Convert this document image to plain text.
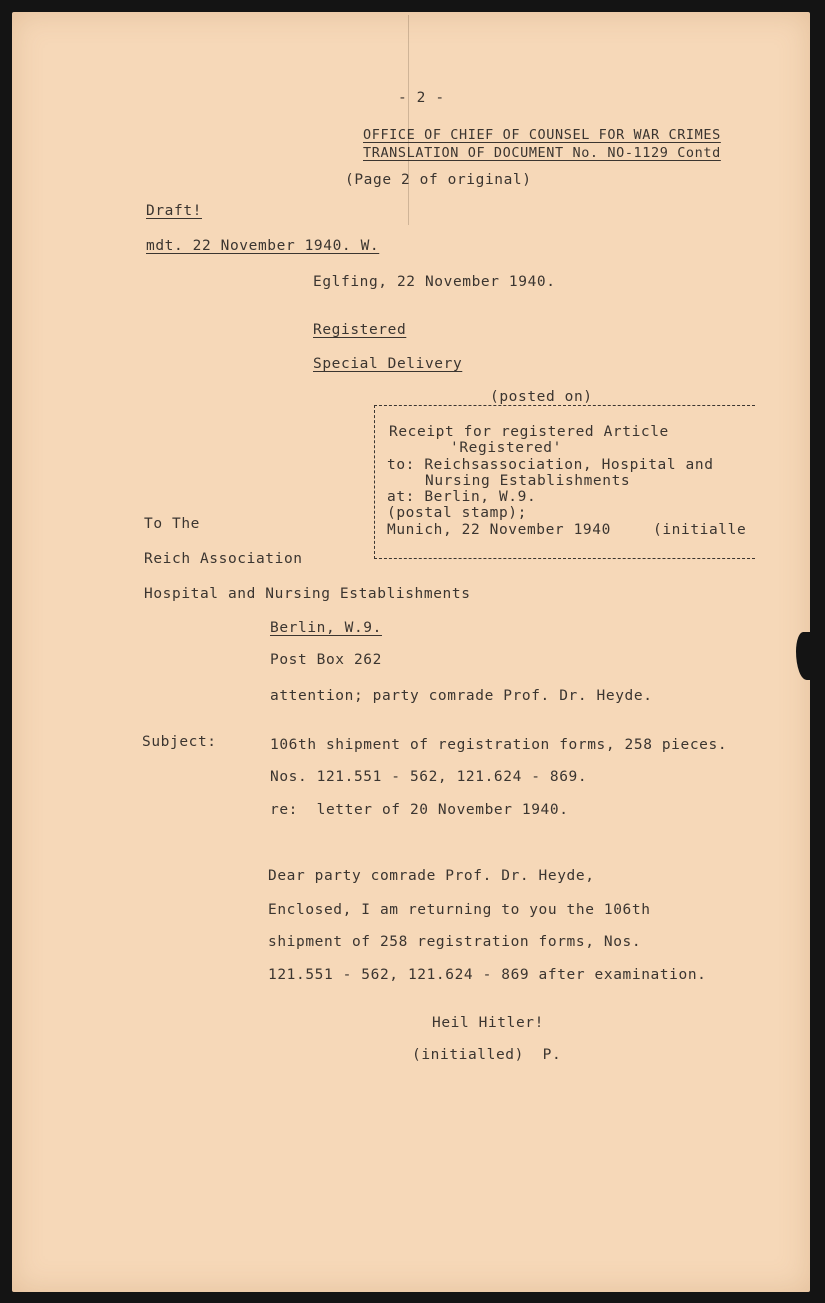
- 2 -
OFFICE OF CHIEF OF COUNSEL FOR WAR CRIMES
TRANSLATION OF DOCUMENT No. NO-1129 Contd
(Page 2 of original)
Draft!
mdt. 22 November 1940. W.
Eglfing, 22 November 1940.
Registered
Special Delivery
(posted on)
Receipt for registered Article
'Registered'
to: Reichsassociation, Hospital and
Nursing Establishments
at: Berlin, W.9.
(postal stamp);
Munich, 22 November 1940	(initialle
To The
Reich Association
Hospital and Nursing Establishments
Berlin, W.9.
Post Box 262
attention; party comrade Prof. Dr. Heyde.
Subject:	106th shipment of registration forms, 258 pieces.
Nos. 121.551 - 562, 121.624 - 869.
re:  letter of 20 November 1940.
Dear party comrade Prof. Dr. Heyde,
Enclosed, I am returning to you the 106th
shipment of 258 registration forms, Nos.
121.551 - 562, 121.624 - 869 after examination.
Heil Hitler!
(initialled)  P.
